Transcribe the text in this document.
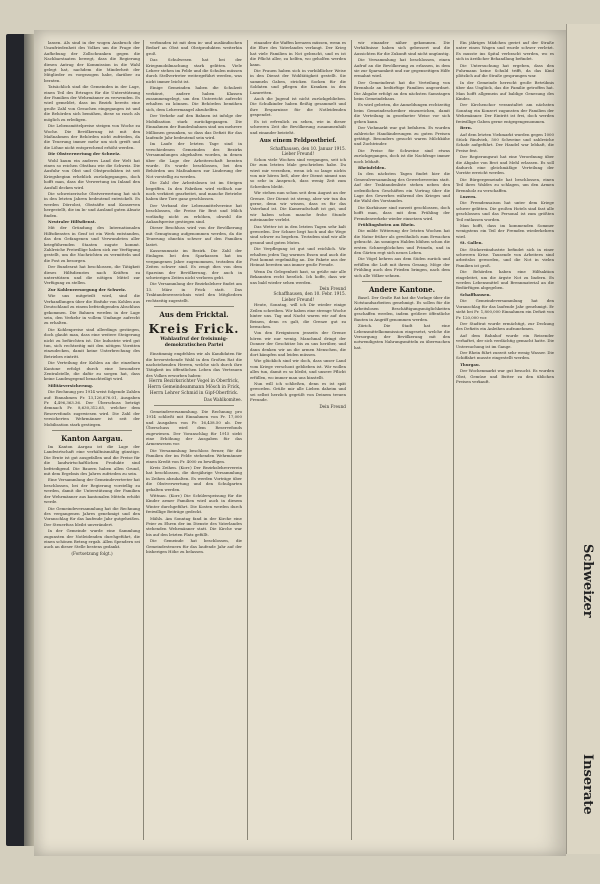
Schweizer
Inserate

lassen. Als sind in der wogen Ausbruch der Unzufriedenheit des Volkes um die Frage der Aufhebung der Zollschranken gegen die Nachbarstaaten bewegt, dass die Regierung diesen Antrag der Kommission in die Wahl gelegt hat, nachdem die Minderheit der Mitglieder es vorgezogen habe, darüber zu beraten.

Tatsächlich sind die Gemeinden in der Lage, einen Teil des Ertrages für die Unterstützung der Familien der Wehrmänner zu verwenden. Es wird gemeldet, dass im Bezirk bereits eine große Zahl von Gesuchen eingegangen ist und die Behörden sich bemühen, diese so rasch als möglich zu erledigen.

Die Lebensmittelpreise steigen von Woche zu Woche. Die Bevölkerung ist mit den Maßnahmen der Behörden nicht zufrieden, da die Teuerung immer mehr um sich greift und die Löhne nicht entsprechend erhöht werden.

Die Obstverwertung der Schweiz.

Wohl kaum ein anderes Land der Welt hat einen so reichen Obstbau wie die Schweiz. Die Ausfuhr von Obst und Obstprodukten ist seit Kriegsbeginn erheblich zurückgegangen, doch hofft man, dass die Verwertung im Inland den Ausfall decken wird.

Die schweizerische Obstverwertung hat sich in den letzten Jahren bedeutend entwickelt. Es werden Dörrobst, Obstsäfte und Konserven hergestellt, die im In- und Ausland guten Absatz finden.

Neutraler Hilfsdienst.

Mit der Gründung des Internationalen Hilfsdienstes in Genf ist ein Werk entstanden, das den Gefangenen und Verwundeten aller kriegführenden Staaten zugute kommt. Zahlreiche Freiwillige haben sich zur Verfügung gestellt, um die Nachrichten zu vermitteln und die Post zu besorgen.

Der Bundesrat hat beschlossen, die Tätigkeit dieses Hilfsdienstes nach Kräften zu unterstützen und die nötigen Mittel zur Verfügung zu stellen.

Zur Kohlenversorgung der Schweiz.

Wie uns mitgeteilt wird, sind die Verhandlungen über die Einfuhr von Kohlen aus Deutschland zu einem befriedigenden Abschluss gekommen. Die Bahnen werden in der Lage sein, den Verkehr in vollem Umfange aufrecht zu erhalten.

Die Kohlenpreise sind allerdings gestiegen, doch glaubt man, dass eine weitere Steigerung nicht zu befürchten ist. Die Industrie wird gut tun, sich rechtzeitig mit den nötigen Vorräten einzudecken, damit keine Unterbrechung des Betriebes eintritt.

Die Verteilung der Kohlen an die einzelnen Kantone erfolgt durch eine besondere Zentralstelle, die dafür zu sorgen hat, dass keine Landesgegend benachteiligt wird.

Militärversicherung.

Die Rechnung pro 1914 weist folgende Zahlen auf: Einnahmen Fr. 13,126,676.01, Ausgaben Fr. 4,496,363.36. Der Überschuss beträgt demnach Fr. 8,630,312.65, welcher dem Reservefonds zugewiesen wird. Die Zahl der versicherten Wehrmänner ist seit der Mobilisation stark gestiegen.

Kanton Aargau.

Im Kanton Aargau ist die Lage der Landwirtschaft eine verhältnismäßig günstige. Die Ernte ist gut ausgefallen und die Preise für die landwirtschaftlichen Produkte sind befriedigend. Die Bauern haben allen Grund, mit dem Ergebnis des Jahres zufrieden zu sein.

Eine Versammlung der Gemeindevertreter hat beschlossen, bei der Regierung vorstellig zu werden, damit die Unterstützung der Familien der Wehrmänner aus kantonalen Mitteln erhöht werde.

Die Gemeindeversammlung hat die Rechnung des vergangenen Jahres genehmigt und den Voranschlag für das laufende Jahr gutgeheißen. Der Steuerfuss bleibt unverändert.

In der Gemeinde wurde eine Sammlung zugunsten der Notleidenden durchgeführt, die einen schönen Betrag ergab. Allen Spendern sei auch an dieser Stelle bestens gedankt.

(Fortsetzung folgt.)

verbunden ist mit dem in- und ausländischen Bedarf an Obst und Obstprodukten weiterhin groß.

Das Schulwesen hat bei der Kriegsmobilmachung stark gelitten. Viele Lehrer stehen im Felde und die Schulen müssen durch Stellvertreter weitergeführt werden, was nicht immer leicht ist.

Einige Gemeinden haben die Schulzeit verkürzt, andere haben Klassen zusammengelegt, um den Unterricht aufrecht erhalten zu können. Die Behörden bemühen sich, dem Lehrermangel abzuhelfen.

Der Verkehr auf den Bahnen ist infolge der Mobilisation stark zurückgegangen. Die Einnahmen der Bundesbahnen sind um mehrere Millionen gesunken, so dass das Defizit für das laufende Jahr bedeutend sein wird.

Im Laufe der letzten Tage sind in verschiedenen Gemeinden des Bezirks Versammlungen abgehalten worden, in denen über die Lage der Arbeiterschaft beraten wurde. Es wurde beschlossen, bei den Behörden um Maßnahmen zur Linderung der Not vorstellig zu werden.

Die Zahl der Arbeitslosen ist im Steigen begriffen. In den Fabriken wird vielfach nur noch verkürzt gearbeitet, und manche Betriebe haben ihre Tore ganz geschlossen.

Der Verband der Lebensmittelvereine hat beschlossen, die Preise für Brot und Milch vorläufig nicht zu erhöhen, obwohl die Ankaufspreise gestiegen sind.

Dieser Beschluss wird von der Bevölkerung mit Genugtuung aufgenommen werden, da die Teuerung ohnehin schwer auf den Familien lastet.

Kassenumsatz im Bezirk. Die Zahl der Einlagen bei den Sparkassen hat im vergangenen Jahre zugenommen, trotzdem die Zeiten schwer sind. Es zeugt dies von dem Sparsinn der Bevölkerung, der auch in schwierigen Zeiten nicht verloren geht.

Die Versammlung der Bezirkslehrer findet am 13. März in Frick statt. Das Traktandenverzeichnis wird den Mitgliedern rechtzeitig zugestellt.

Aus dem Fricktal.
Kreis Frick.
Wahlaufruf der freisinnig-demokratischen Partei

Einstimmig empfehlen wir als Kandidaten für die bevorstehende Wahl in den Großen Rat die nachstehenden Herren, welche sich durch ihre Tätigkeit im öffentlichen Leben das Vertrauen des Volkes erworben haben:

Herrn Bezirksrichter Vogel in Oberfrick,
Herrn Gemeindeammann Mösch in Frick,
Herrn Lehrer Schmid in Gipf-Oberfrick.
Das Wahlkomitee.

Gemeindeversammlung. Die Rechnung pro 1914 schließt mit Einnahmen von Fr. 17,000 und Ausgaben von Fr. 16,438.50 ab. Der Überschuss wird dem Reservefonds zugewiesen. Der Voranschlag für 1915 sieht eine Erhöhung der Ausgaben für das Armenwesen vor.

Die Versammlung beschloss ferner, für die Familien der im Felde stehenden Wehrmänner einen Kredit von Fr. 4000 zu bewilligen.

Kreis Zeihen. (Korr.) Der Bezirkslehrerverein hat beschlossen, die diesjährige Versammlung in Zeihen abzuhalten. Es werden Vorträge über die Obstverwertung und den Schulgarten gehalten werden.

Wittnau. (Korr.) Die Schülerspeisung für die Kinder armer Familien wird auch in diesem Winter durchgeführt. Die Kosten werden durch freiwillige Beiträge gedeckt.

Mähls. Am Sonntag fand in der Kirche eine Feier zu Ehren der im Dienste des Vaterlandes stehenden Wehrmänner statt. Die Kirche war bis auf den letzten Platz gefüllt.

Die Gemeinde hat beschlossen, die Gemeindesteuern für das laufende Jahr auf der bisherigen Höhe zu belassen.

einander die Waffen kreuzen müssen, wenn es die Ehre des Vaterlandes verlangt. Der Krieg hat viele Familien in Not gebracht, und es ist die Pflicht aller, zu helfen, wo geholfen werden kann.

Die Frauen haben sich in vorbildlicher Weise in den Dienst der Wohltätigkeit gestellt. Sie sammeln Gaben, stricken Socken für die Soldaten und pflegen die Kranken in den Lazaretten.

Auch die Jugend ist nicht zurückgeblieben. Die Schulkinder haben fleißig gesammelt und ihre Ersparnisse für die Notleidenden gespendet.

Es ist erfreulich zu sehen, wie in dieser schweren Zeit die Bevölkerung zusammenhält und einander beisteht.

Aus einem Feldpostbrief.
Schaffhausen, den 10. Januar 1915.
Lieber Freund!

Schon viele Wochen sind vergangen, seit ich Dir zum letzten Male geschrieben habe. Du wirst mir verzeihen, wenn ich so lange nichts von mir hören ließ, aber der Dienst nimmt uns so sehr in Anspruch, dass wenig Zeit zum Schreiben bleibt.

Wir stehen nun schon seit dem August an der Grenze. Der Dienst ist streng, aber wir tun ihn gerne, denn wir wissen, dass es für das Vaterland ist. Die Kameradschaft ist gut, und wir haben schon manche frohe Stunde miteinander verlebt.

Das Wetter ist in den letzten Tagen sehr kalt geworden. Der Schnee liegt hoch und die Wege sind schwer zu begehen. Trotzdem sind wir alle gesund und guten Mutes.

Die Verpflegung ist gut und reichlich. Wir erhalten jeden Tag warmes Essen und auch die Post kommt regelmäßig an. Die Pakete aus der Heimat bereiten uns immer große Freude.

Wenn Du Gelegenheit hast, so grüße mir alle Bekannten recht herzlich. Ich hoffe, dass wir uns bald wieder sehen werden.

Dein Freund
Schaffhausen, den 10. Febr. 1915.
Lieber Freund!

Heute, Sonntag, will ich Dir wieder einige Zeilen schreiben. Wir haben eine strenge Woche hinter uns. Tag und Nacht waren wir auf den Beinen, denn es galt, die Grenze gut zu bewachen.

Von den Ereignissen jenseits der Grenze hören wir nur wenig. Manchmal dringt der Donner der Geschütze bis zu uns herüber, und dann denken wir an die armen Menschen, die dort kämpfen und leiden müssen.

Wie glücklich sind wir doch, dass unser Land vom Kriege verschont geblieben ist. Wir wollen alles tun, damit es so bleibt, und unsere Pflicht erfüllen, wo immer man uns hinstellt.

Nun will ich schließen, denn es ist spät geworden. Grüße mir alle Lieben daheim und sei selbst herzlich gegrüßt von Deinem treuen Freunde.

Dein Freund

wir einander näher gekommen. Die Verhältnisse haben sich gebessert und die Aussichten für die Zukunft sind nicht ungünstig.

Die Versammlung hat beschlossen, einen Aufruf an die Bevölkerung zu erlassen, in dem sie zur Sparsamkeit und zur gegenseitigen Hilfe ermahnt wird.

Der Gemeinderat hat die Verteilung von Brennholz an bedürftige Familien angeordnet. Die Abgabe erfolgt an den nächsten Samstagen beim Gemeindehaus.

Es wird gebeten, die Anmeldungen rechtzeitig beim Gemeindeschreiber einzureichen, damit die Verteilung in geordneter Weise vor sich gehen kann.

Der Viehmarkt war gut befahren. Es wurden zahlreiche Handänderungen zu guten Preisen getätigt. Besonders gesucht waren Milchkühe und Zuchtrinder.

Die Preise für Schweine sind etwas zurückgegangen, doch ist die Nachfrage immer noch lebhaft.

Rheinfelden.

In den nächsten Tagen findet hier die Generalversammlung des Gewerbevereins statt. Auf der Traktandenliste stehen neben den ordentlichen Geschäften ein Vortrag über die Lage des Gewerbes während des Krieges und die Wahl des Vorstandes.

Die Kurhäuser sind zurzeit geschlossen, doch hofft man, dass mit dem Frühling der Fremdenverkehr wieder einsetzen wird.

Frühlingsboten am Rhein.

Die milde Witterung der letzten Wochen hat die Natur früher als gewöhnlich zum Erwachen gebracht. An sonnigen Halden blühen schon die ersten Schneeglöckchen und Primeln, und in den Gärten regt sich neues Leben.

Die Vögel kehren aus dem Süden zurück und erfüllen die Luft mit ihrem Gesang. Möge der Frühling auch den Frieden bringen, nach dem sich alle Völker sehnen.

Andere Kantone.

Basel. Der Große Rat hat die Vorlage über die Notstandsarbeiten genehmigt. Es sollen für die Arbeitslosen Beschäftigungsmöglichkeiten geschaffen werden, indem größere öffentliche Bauten in Angriff genommen werden.

Zürich. Die Stadt hat eine Lebensmittelkommission eingesetzt, welche die Versorgung der Bevölkerung mit den notwendigsten Nahrungsmitteln zu überwachen hat.

Ein jähriges Mädchen geriet auf der Straße unter einen Wagen und wurde schwer verletzt. Es musste ins Spital verbracht werden, wo es sich in ärztlicher Behandlung befindet.

Die Untersuchung hat ergeben, dass den Fuhrmann keine Schuld trifft, da das Kind plötzlich auf die Straße gesprungen war.

In der Gemeinde herrscht große Betrübnis über das Unglück, das die Familie getroffen hat. Man hofft allgemein auf baldige Genesung des Kindes.

Der Kirchenchor veranstaltet am nächsten Sonntag ein Konzert zugunsten der Familien der Wehrmänner. Der Eintritt ist frei, doch werden freiwillige Gaben gerne entgegengenommen.

Bern.

Auf dem letzten Viehmarkt wurden gegen 1000 Stück Rindvieh, 500 Schweine und zahlreiche Schafe aufgeführt. Der Handel war lebhaft, die Preise fest.

Der Regierungsrat hat eine Verordnung über die Abgabe von Brot und Mehl erlassen. Es soll dadurch eine gleichmäßige Verteilung der Vorräte erreicht werden.

Die Bürgergemeinde hat beschlossen, einen Teil ihres Waldes zu schlagen, um den Armen Brennholz zu verschaffen.

Luzern.

Die Fremdensaison hat unter dem Kriege schwer gelitten. Die großen Hotels sind fast alle geschlossen und das Personal ist zum größten Teil entlassen worden.

Man hofft, dass im kommenden Sommer wenigstens ein Teil der Fremden wiederkehren wird.

St. Gallen.

Die Stickereiindustrie befindet sich in einer schweren Krise. Tausende von Arbeitern sind arbeitslos geworden, und die Not in vielen Familien ist groß.

Die Behörden haben eine Hilfsaktion eingeleitet, um die ärgste Not zu lindern. Es werden Lebensmittel und Brennmaterial an die Bedürftigen abgegeben.

Schaffhausen.

Die Gemeindeversammlung hat den Voranschlag für das laufende Jahr genehmigt. Er sieht bei Fr. 1,800,000 Einnahmen ein Defizit von Fr. 120,000 vor.

Der Stadtrat wurde ermächtigt, zur Deckung des Defizits ein Anleihen aufzunehmen.

Auf dem Bahnhof wurde ein Reisender verhaftet, der sich verdächtig gemacht hatte. Die Untersuchung ist im Gange.

Der Rhein führt zurzeit sehr wenig Wasser. Die Schiffahrt musste eingestellt werden.

Thurgau.

Der Wochenmarkt war gut besucht. Es wurden Obst, Gemüse und Butter zu den üblichen Preisen verkauft.
